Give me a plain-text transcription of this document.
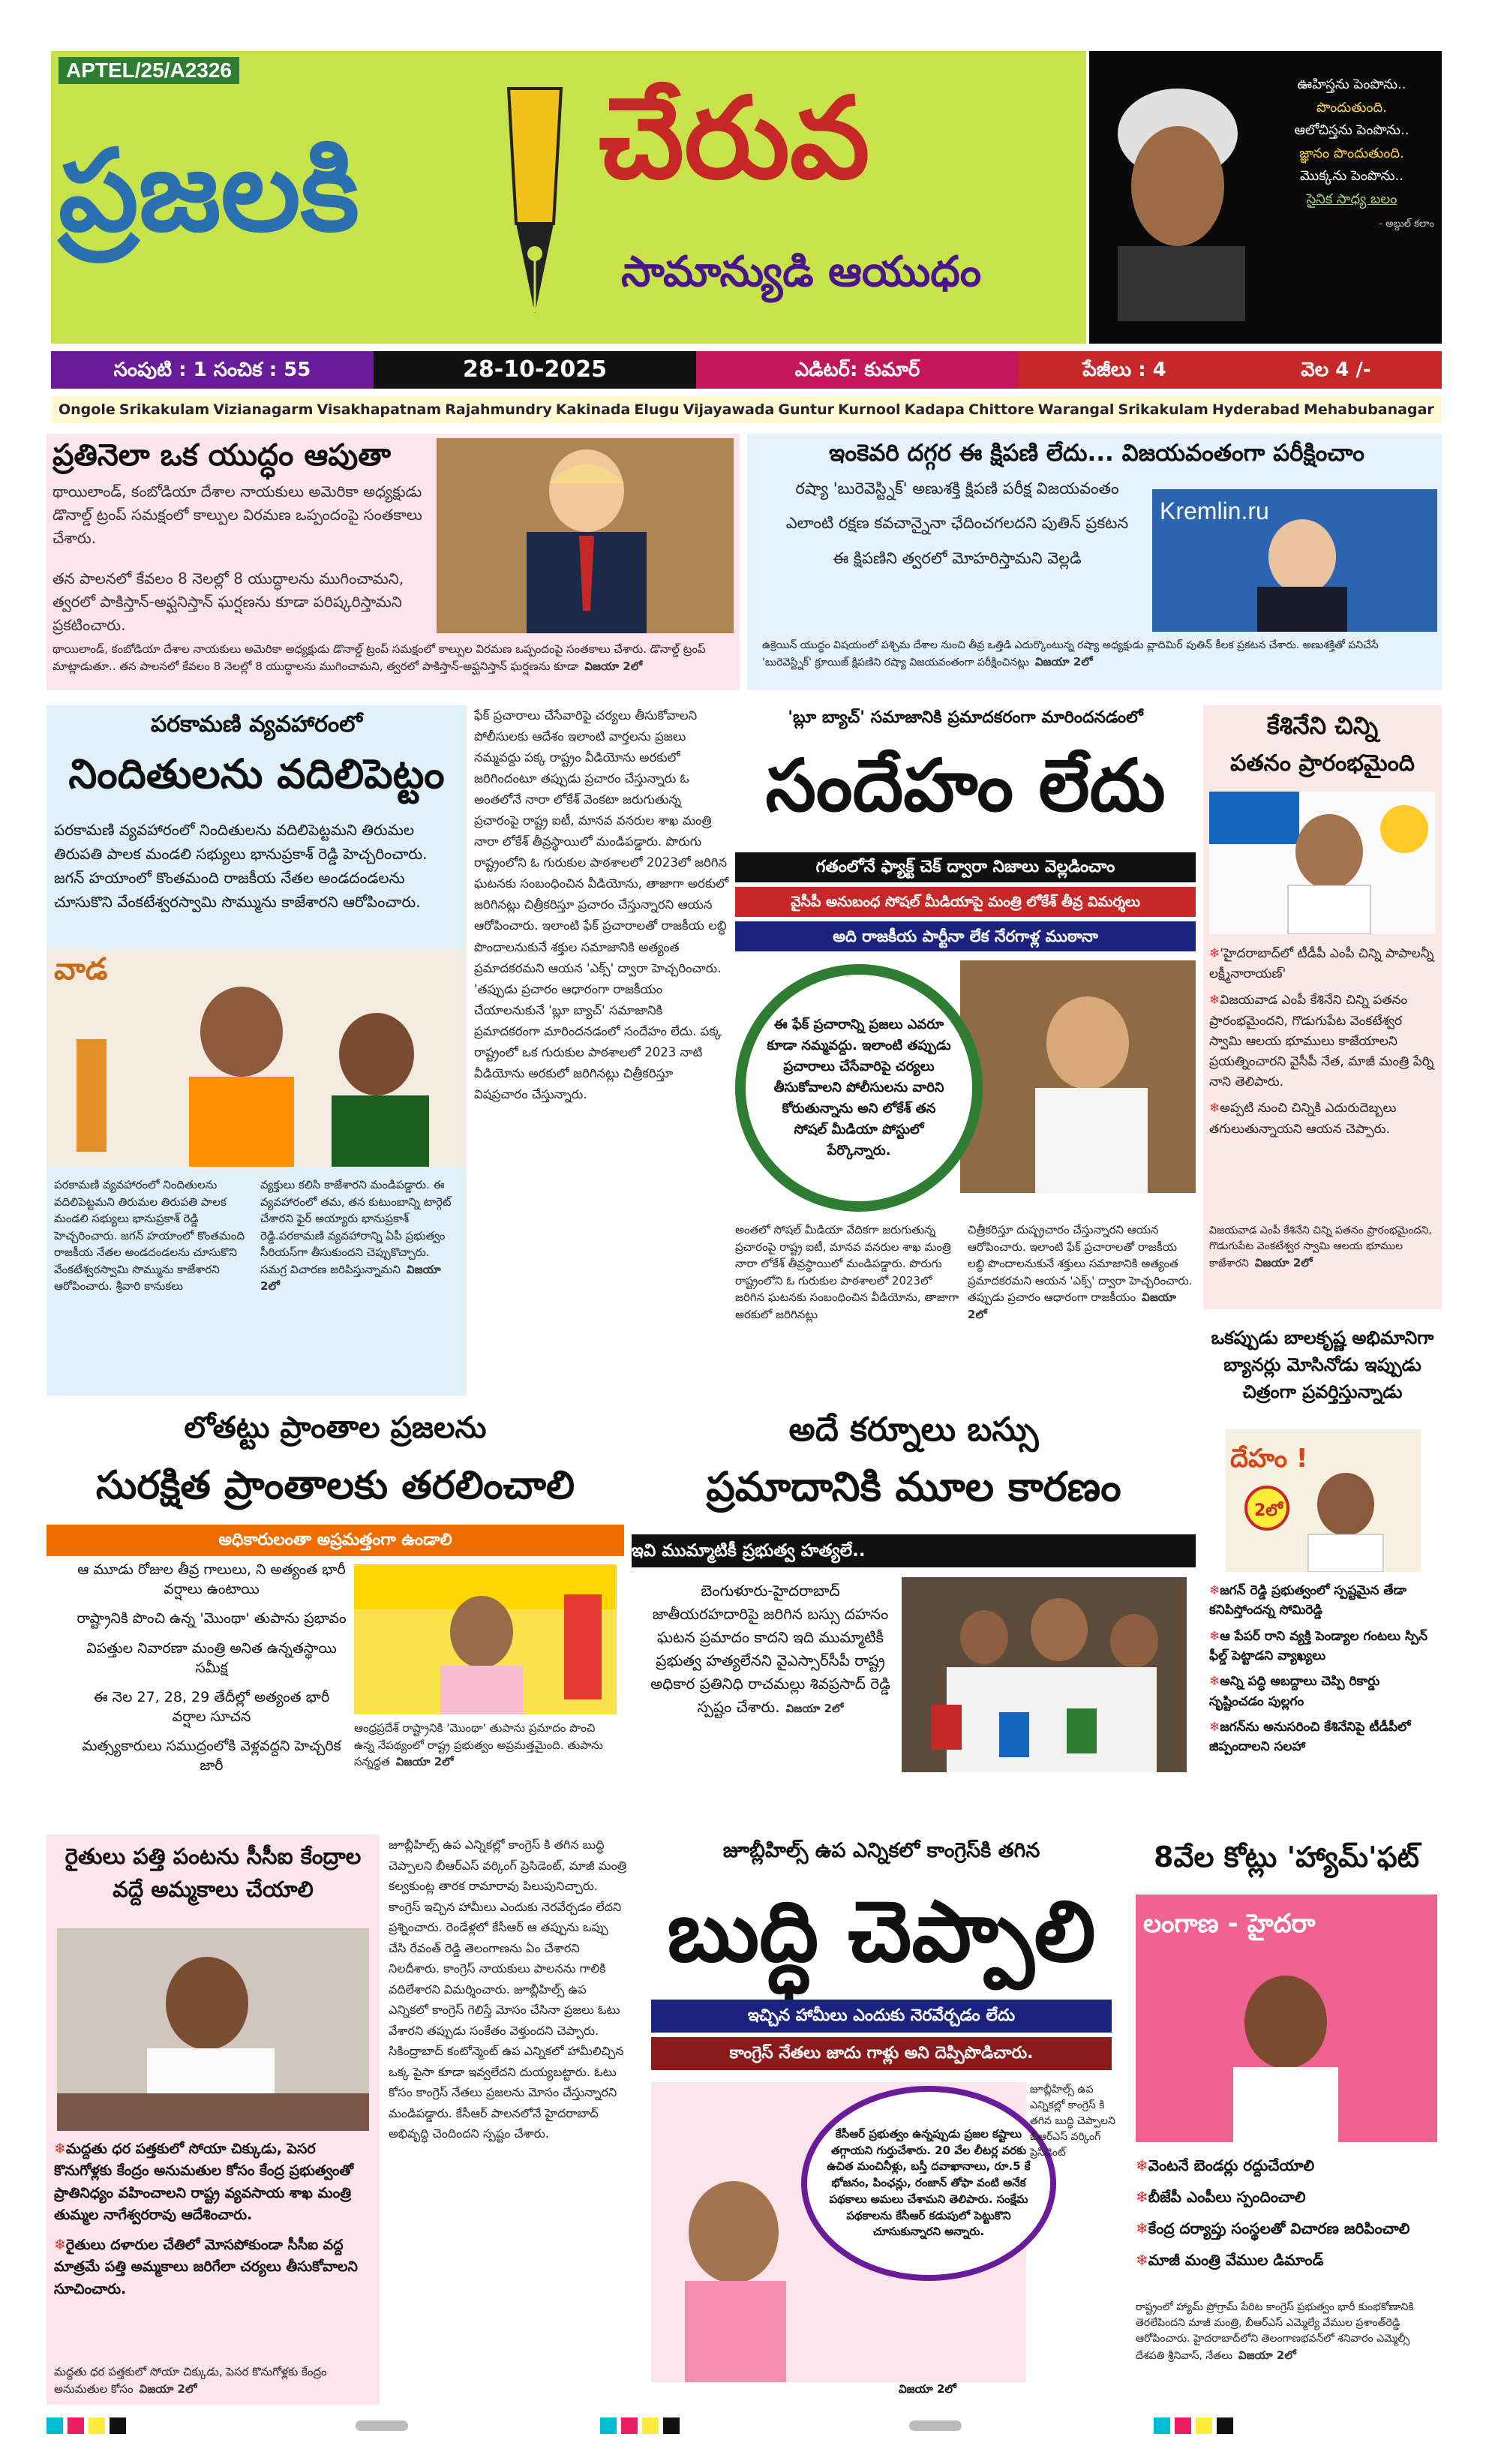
APTEL/25/A2326
ప్రజలకి చేరువ
సామాన్యుడి ఆయుధం
ఊహిస్తను పెంపొను..
పొందుతుంది.
ఆలోచిస్తను పెంపొను..
జ్ఞానం పొందుతుంది.
మొక్కను పెంపొను..
సైనిక సాధ్య బలం
- అబ్దుల్ కలాం
సంపుటి : 1 సంచిక : 55	28-10-2025	ఎడిటర్: కుమార్	పేజీలు : 4	వెల 4 /-
Ongole Srikakulam Vizianagarm Visakhapatnam Rajahmundry Kakinada Elugu Vijayawada Guntur Kurnool Kadapa Chittore Warangal Srikakulam Hyderabad Mehabubanagar
ప్రతినెలా ఒక యుద్ధం ఆపుతా
థాయిలాండ్, కంబోడియా దేశాల నాయకులు అమెరికా అధ్యక్షుడు డొనాల్డ్ ట్రంప్ సమక్షంలో కాల్పుల విరమణ ఒప్పందంపై సంతకాలు చేశారు.
తన పాలనలో కేవలం 8 నెలల్లో 8 యుద్ధాలను ముగించామని, త్వరలో పాకిస్తాన్-అఫ్ఘనిస్తాన్ ఘర్షణను కూడా పరిష్కరిస్తామని ప్రకటించారు.
థాయిలాండ్, కంబోడియా దేశాల నాయకులు అమెరికా అధ్యక్షుడు డొనాల్డ్ ట్రంప్ సమక్షంలో కాల్పుల విరమణ ఒప్పందంపై సంతకాలు చేశారు. డొనాల్డ్ ట్రంప్ మాట్లాడుతూ.. తన పాలనలో కేవలం 8 నెలల్లో 8 యుద్ధాలను ముగించామని, త్వరలో పాకిస్తాన్-అఫ్ఘనిస్తాన్ ఘర్షణను కూడా విజయా 2లో
ఇంకెవరి దగ్గర ఈ క్షిపణి లేదు... విజయవంతంగా పరీక్షించాం
రష్యా 'బురెవెస్ట్నిక్' అణుశక్తి క్షిపణి పరీక్ష విజయవంతం
ఎలాంటి రక్షణ కవచాన్నైనా ఛేదించగలదని పుతిన్ ప్రకటన
ఈ క్షిపణిని త్వరలో మోహరిస్తామని వెల్లడి
Kremlin.ru
ఉక్రెయిన్ యుద్ధం విషయంలో పశ్చిమ దేశాల నుంచి తీవ్ర ఒత్తిడి ఎదుర్కొంటున్న రష్యా అధ్యక్షుడు వ్లాదిమిర్ పుతిన్ కీలక ప్రకటన చేశారు. అణుశక్తితో పనిచేసే 'బురెవెస్ట్నిక్' క్రూయిజ్ క్షిపణిని రష్యా విజయవంతంగా పరీక్షించినట్లు విజయా 2లో
పరకామణి వ్యవహారంలో
నిందితులను వదిలిపెట్టం
పరకామణి వ్యవహారంలో నిందితులను వదిలిపెట్టమని తిరుమల తిరుపతి పాలక మండలి సభ్యులు భానుప్రకాశ్ రెడ్డి హెచ్చరించారు. జగన్ హయాంలో కొంతమంది రాజకీయ నేతల అండదండలను చూసుకొని వేంకటేశ్వరస్వామి సొమ్మును కాజేశారని ఆరోపించారు.
వాడ
పరకామణి వ్యవహారంలో నిందితులను వదిలిపెట్టమని తిరుమల తిరుపతి పాలక మండలి సభ్యులు భానుప్రకాశ్ రెడ్డి హెచ్చరించారు. జగన్ హయాంలో కొంతమంది రాజకీయ నేతల అండదండలను చూసుకొని వేంకటేశ్వరస్వామి సొమ్మును కాజేశారని ఆరోపించారు. శ్రీవారి కానుకలు
వ్యక్తులు కలిసి కాజేశారని మండిపడ్డారు. ఈ వ్యవహారంలో తమ, తన కుటుంబాన్ని టార్గెట్ చేశారని ఫైర్ అయ్యారు భానుప్రకాశ్ రెడ్డి.పరకామణి వ్యవహారాన్ని ఏపీ ప్రభుత్వం సీరియస్‌గా తీసుకుందని చెప్పుకొచ్చారు. సమగ్ర విచారణ జరిపిస్తున్నామని విజయా 2లో
ఫేక్ ప్రచారాలు చేసేవారిపై చర్యలు తీసుకోవాలని పోలీసులకు ఆదేశం ఇలాంటి వార్తలను ప్రజలు నమ్మవద్దు పక్క రాష్ట్రం వీడియోను అరకులో జరిగిందంటూ తప్పుడు ప్రచారం చేస్తున్నారు ఓ అంతలోనే నారా లోకేశ్ వెంకటా జరుగుతున్న ప్రచారంపై రాష్ట్ర ఐటీ, మానవ వనరుల శాఖ మంత్రి నారా లోకేశ్ తీవ్రస్థాయిలో మండిపడ్డారు. పొరుగు రాష్ట్రంలోని ఓ గురుకుల పాఠశాలలో 2023లో జరిగిన ఘటనకు సంబంధించిన వీడియోను, తాజాగా అరకులో జరిగినట్లు చిత్రీకరిస్తూ ప్రచారం చేస్తున్నారని ఆయన ఆరోపించారు. ఇలాంటి ఫేక్ ప్రచారాలతో రాజకీయ లబ్ధి పొందాలనుకునే శక్తుల సమాజానికి అత్యంత ప్రమాదకరమని ఆయన 'ఎక్స్' ద్వారా హెచ్చరించారు. 'తప్పుడు ప్రచారం ఆధారంగా రాజకీయం చేయాలనుకునే 'బ్లూ బ్యాచ్' సమాజానికి ప్రమాదకరంగా మారిందనడంలో సందేహం లేదు. పక్క రాష్ట్రంలో ఒక గురుకుల పాఠశాలలో 2023 నాటి వీడియోను అరకులో జరిగినట్లు చిత్రీకరిస్తూ విషప్రచారం చేస్తున్నారు.
'బ్లూ బ్యాచ్' సమాజానికి ప్రమాదకరంగా మారిందనడంలో
సందేహం లేదు
గతంలోనే ఫ్యాక్ట్ చెక్ ద్వారా నిజాలు వెల్లడించాం
వైసీపీ అనుబంధ సోషల్ మీడియాపై మంత్రి లోకేశ్ తీవ్ర విమర్శలు
అది రాజకీయ పార్టీనా లేక నేరగాళ్ల ముఠానా
ఈ ఫేక్ ప్రచారాన్ని ప్రజలు ఎవరూ కూడా నమ్మవద్దు. ఇలాంటి తప్పుడు ప్రచారాలు చేసేవారిపై చర్యలు తీసుకోవాలని పోలీసులను వారిని కోరుతున్నాను అని లోకేశ్ తన సోషల్ మీడియా పోస్టులో పేర్కొన్నారు.
అంతలో సోషల్ మీడియా వేదికగా జరుగుతున్న ప్రచారంపై రాష్ట్ర ఐటీ, మానవ వనరుల శాఖ మంత్రి నారా లోకేశ్ తీవ్రస్థాయిలో మండిపడ్డారు. పొరుగు రాష్ట్రంలోని ఓ గురుకుల పాఠశాలలో 2023లో జరిగిన ఘటనకు సంబంధించిన వీడియోను, తాజాగా అరకులో జరిగినట్లు
చిత్రీకరిస్తూ దుష్ప్రచారం చేస్తున్నారని ఆయన ఆరోపించారు. ఇలాంటి ఫేక్ ప్రచారాలతో రాజకీయ లబ్ధి పొందాలనుకునే శక్తులు సమాజానికి అత్యంత ప్రమాదకరమని ఆయన 'ఎక్స్' ద్వారా హెచ్చరించారు. తప్పుడు ప్రచారం ఆధారంగా రాజకీయం విజయా 2లో
కేశినేని చిన్ని
పతనం ప్రారంభమైంది
❄'హైదరాబాద్‌లో టీడీపీ ఎంపీ చిన్ని పాపాలన్నీ లక్ష్మీనారాయణ్'
❄విజయవాడ ఎంపీ కేశినేని చిన్ని పతనం ప్రారంభమైందని, గొడుగుపేట వెంకటేశ్వర స్వామి ఆలయ భూములు కాజేయాలని ప్రయత్నించారని వైసీపీ నేత, మాజీ మంత్రి పేర్ని నాని తెలిపారు.
❄అప్పటి నుంచి చిన్నికి ఎదురుదెబ్బలు తగులుతున్నాయని ఆయన చెప్పారు.
విజయవాడ ఎంపీ కేశినేని చిన్ని పతనం ప్రారంభమైందని, గొడుగుపేట వెంకటేశ్వర స్వామి ఆలయ భూముల కాజేశారని విజయా 2లో
ఒకప్పుడు బాలకృష్ణ అభిమానిగా బ్యానర్లు మోసినోడు ఇప్పుడు చిత్రంగా ప్రవర్తిస్తున్నాడు
దేహం !
2లో
❄జగన్ రెడ్డి ప్రభుత్వంలో స్పష్టమైన తేడా కనిపిస్తోందన్న సోమిరెడ్డి
❄ఆ పేపర్ రాని వ్యక్తి పెండ్యాల గంటలు స్పిన్ ఫీల్డ్ పెట్టాడని వ్యాఖ్యలు
❄అన్ని పద్ధి అబద్దాలు చెప్పి రికార్డు సృష్టించడం పుల్లగం
❄జగన్‌ను అనుసరించి కేశినేనిపై టీడీపీలో జిప్పందాలని సలహా
లోతట్టు ప్రాంతాల ప్రజలను
సురక్షిత ప్రాంతాలకు తరలించాలి
అధికారులంతా అప్రమత్తంగా ఉండాలి
ఆ మూడు రోజుల తీవ్ర గాలులు, ని అత్యంత భారీ వర్షాలు ఉంటాయి
రాష్ట్రానికి పొంచి ఉన్న 'మొంథా' తుపాను ప్రభావం
విపత్తుల నివారణా మంత్రి అనిత ఉన్నతస్థాయి సమీక్ష
ఈ నెల 27, 28, 29 తేదీల్లో అత్యంత భారీ వర్షాల సూచన
మత్స్యకారులు సముద్రంలోకి వెళ్లవద్దని హెచ్చరిక జారీ
ఆంధ్రప్రదేశ్ రాష్ట్రానికి 'మొంథా' తుపాను ప్రమాదం పొంచి ఉన్న నేపథ్యంలో రాష్ట్ర ప్రభుత్వం అప్రమత్తమైంది. తుపాను సన్నద్ధత విజయా 2లో
అదే కర్నూలు బస్సు
ప్రమాదానికి మూల కారణం
ఇవి ముమ్మాటికీ ప్రభుత్వ హత్యలే..
బెంగుళూరు-హైదరాబాద్ జాతీయరహదారిపై జరిగిన బస్సు దహనం ఘటన ప్రమాదం కాదని ఇది ముమ్మాటికీ ప్రభుత్వ హత్యలేనని వైఎస్సార్‌సీపీ రాష్ట్ర అధికార ప్రతినిధి రాచమల్లు శివప్రసాద్ రెడ్డి స్పష్టం చేశారు. విజయా 2లో
రైతులు పత్తి పంటను సీసీఐ కేంద్రాల వద్దే అమ్మకాలు చేయాలి
❄మద్దతు ధర పత్తకులో సోయా చిక్కుడు, పెసర కొనుగోళ్లకు కేంద్రం అనుమతుల కోసం కేంద్ర ప్రభుత్వంతో ప్రాతినిధ్యం వహించాలని రాష్ట్ర వ్యవసాయ శాఖ మంత్రి తుమ్మల నాగేశ్వరరావు ఆదేశించారు.
❄రైతులు దళారుల చేతిలో మోసపోకుండా సీసీఐ వద్ద మాత్రమే పత్తి అమ్మకాలు జరిగేలా చర్యలు తీసుకోవాలని సూచించారు.
మద్దతు ధర పత్తకులో సోయా చిక్కుడు, పెసర కొనుగోళ్లకు కేంద్రం అనుమతుల కోసం విజయా 2లో
జూబ్లీహిల్స్ ఉప ఎన్నికల్లో కాంగ్రెస్ కి తగిన బుద్ధి చెప్పాలని బీఆర్ఎస్ వర్కింగ్ ప్రెసిడెంట్, మాజీ మంత్రి కల్వకుంట్ల తారక రామారావు పిలుపునిచ్చారు. కాంగ్రెస్ ఇచ్చిన హామీలు ఎందుకు నెరవేర్చడం లేదని ప్రశ్నించారు. రెండేళ్లలో కేసీఆర్ ఆ తప్పును ఒప్పు చేసి రేవంత్ రెడ్డి తెలంగాణను ఏం చేశారని నిలదీశారు. కాంగ్రెస్ నాయకులు పాలనను గాలికి వదిలేశారని విమర్శించారు. జూబ్లీహిల్స్ ఉప ఎన్నికలో కాంగ్రెస్ గెలిస్తే మోసం చేసినా ప్రజలు ఓటు వేశారని తప్పుడు సంకేతం వెళ్తుందని చెప్పారు. సికింద్రాబాద్ కంటోన్మెంట్ ఉప ఎన్నికలో హామీలిచ్చిన ఒక్క పైసా కూడా ఇవ్వలేదని దుయ్యబట్టారు. ఓటు కోసం కాంగ్రెస్ నేతలు ప్రజలను మోసం చేస్తున్నారని మండిపడ్డారు. కేసీఆర్ పాలనలోనే హైదరాబాద్ అభివృద్ధి చెందిందని స్పష్టం చేశారు.
జూబ్లీహిల్స్ ఉప ఎన్నికలో కాంగ్రెస్‌కి తగిన
బుద్ధి చెప్పాలి
ఇచ్చిన హామీలు ఎందుకు నెరవేర్చడం లేదు
కాంగ్రెస్ నేతలు జాదు గాళ్లు అని దెప్పిపొడిచారు.
కేసీఆర్ ప్రభుత్వం ఉన్నప్పుడు ప్రజల కష్టాలు తగ్గాయని గుర్తుచేశారు. 20 వేల లీటర్ల వరకు ఉచిత మంచినీళ్లు, బస్తీ దవాఖానాలు, రూ.5 కే భోజనం, పింఛన్లు, రంజాన్ తోఫా వంటి అనేక పథకాలు అమలు చేశామని తెలిపారు. సంక్షేమ పథకాలను కేసీఆర్ కడుపులో పెట్టుకొని చూసుకున్నారని అన్నారు.
జూబ్లీహిల్స్ ఉప ఎన్నికల్లో కాంగ్రెస్ కి తగిన బుద్ధి చెప్పాలని బీఆర్ఎస్ వర్కింగ్ ప్రెసిడెంట్
విజయా 2లో
8వేల కోట్లు 'హ్యామ్'ఫట్
లంగాణ - హైదరా
❄వెంటనే బెండర్లు రద్దుచేయాలి
❄బీజేపీ ఎంపీలు స్పందించాలి
❄కేంద్ర దర్యాప్తు సంస్థలతో విచారణ జరిపించాలి
❄మాజీ మంత్రి వేముల డిమాండ్
రాష్ట్రంలో హ్యామ్ ప్రోగ్రామ్ పేరిట కాంగ్రెస్ ప్రభుత్వం భారీ కుంభకోణానికి తెరలేపిందని మాజీ మంత్రి, బీఆర్ఎస్ ఎమ్మెల్యే వేముల ప్రశాంత్‌రెడ్డి ఆరోపించారు. హైదరాబాద్‌లోని తెలంగాణభవన్‌లో శనివారం ఎమ్మెల్సీ దేశపతి శ్రీనివాస్, నేతలు విజయా 2లో
